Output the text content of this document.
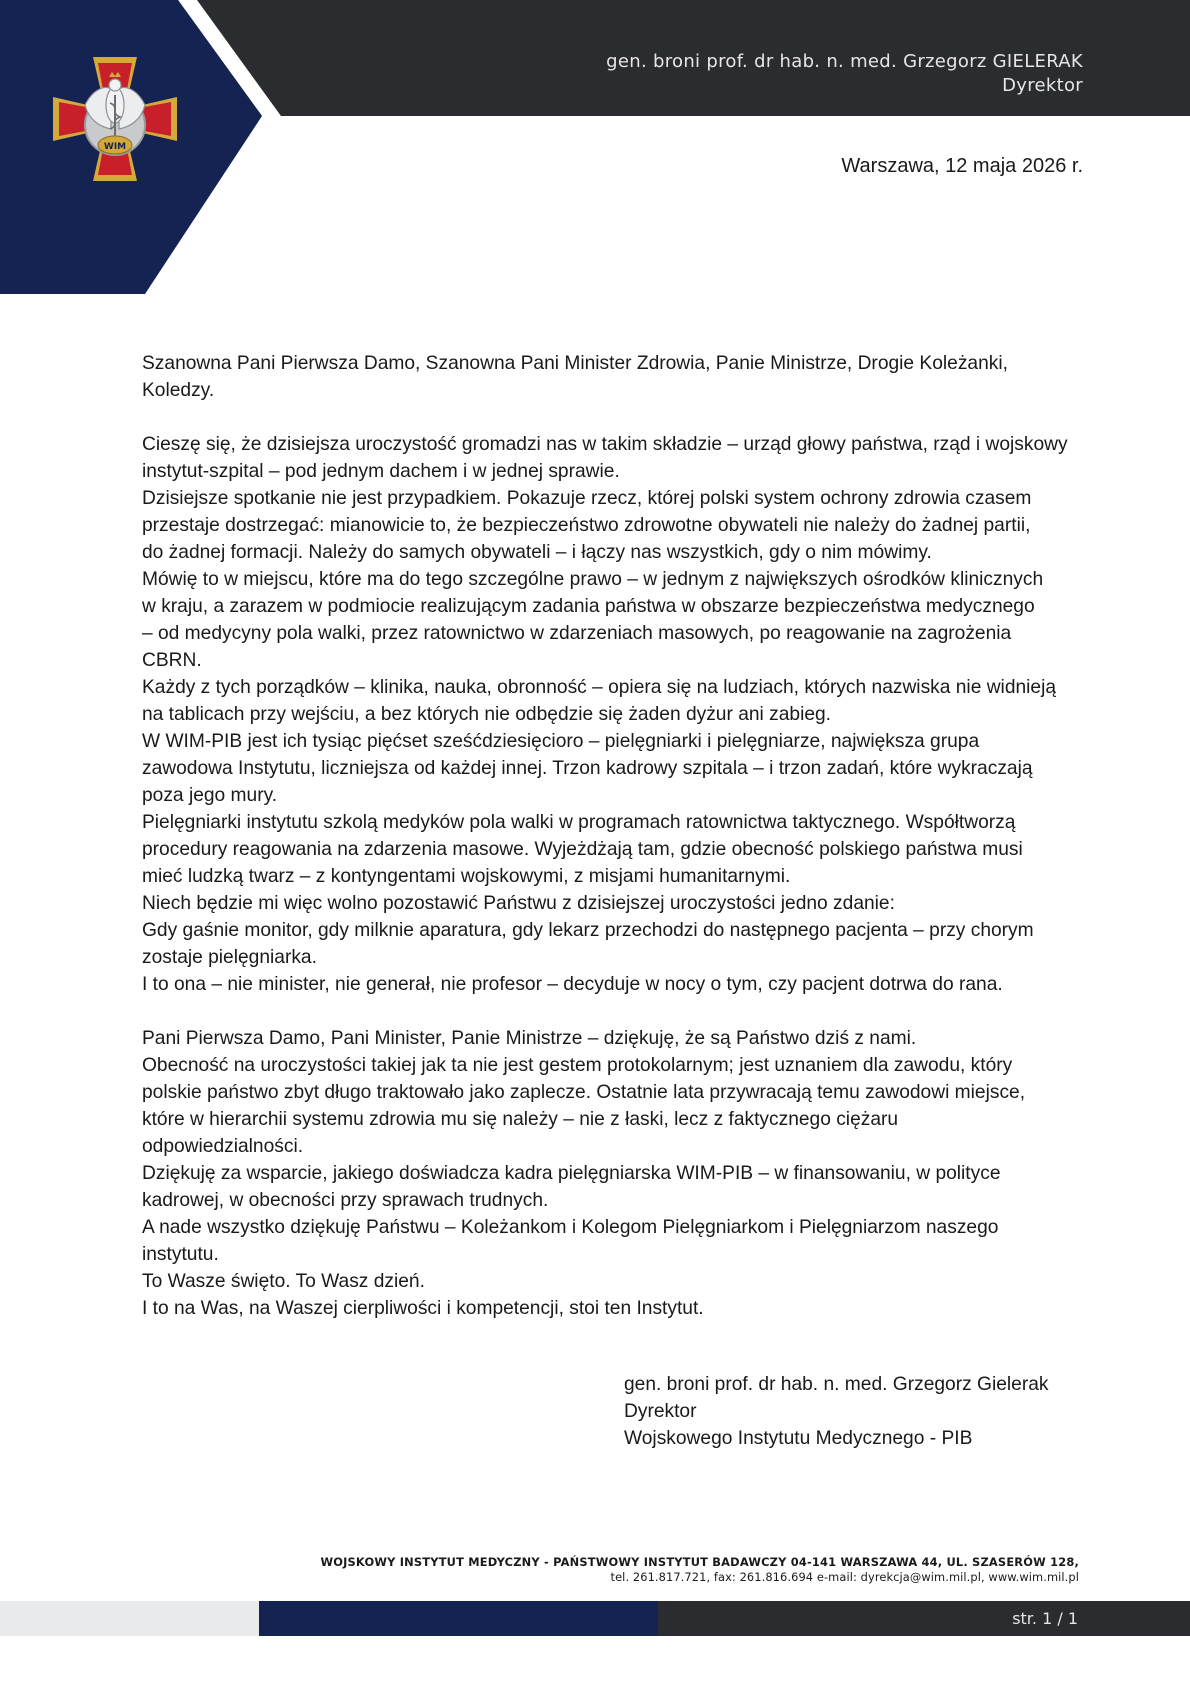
WIM
gen. broni prof. dr hab. n. med. Grzegorz GIELERAK
Dyrektor
Warszawa, 12 maja 2026 r.

Szanowna Pani Pierwsza Damo, Szanowna Pani Minister Zdrowia, Panie Ministrze, Drogie Koleżanki,

Koledzy.

Cieszę się, że dzisiejsza uroczystość gromadzi nas w takim składzie – urząd głowy państwa, rząd i wojskowy

instytut-szpital – pod jednym dachem i w jednej sprawie.

Dzisiejsze spotkanie nie jest przypadkiem. Pokazuje rzecz, której polski system ochrony zdrowia czasem

przestaje dostrzegać: mianowicie to, że bezpieczeństwo zdrowotne obywateli nie należy do żadnej partii,

do żadnej formacji. Należy do samych obywateli – i łączy nas wszystkich, gdy o nim mówimy.

Mówię to w miejscu, które ma do tego szczególne prawo – w jednym z największych ośrodków klinicznych

w kraju, a zarazem w podmiocie realizującym zadania państwa w obszarze bezpieczeństwa medycznego

– od medycyny pola walki, przez ratownictwo w zdarzeniach masowych, po reagowanie na zagrożenia

CBRN.

Każdy z tych porządków – klinika, nauka, obronność – opiera się na ludziach, których nazwiska nie widnieją

na tablicach przy wejściu, a bez których nie odbędzie się żaden dyżur ani zabieg.

W WIM-PIB jest ich tysiąc pięćset sześćdziesięcioro – pielęgniarki i pielęgniarze, największa grupa

zawodowa Instytutu, liczniejsza od każdej innej. Trzon kadrowy szpitala – i trzon zadań, które wykraczają

poza jego mury.

Pielęgniarki instytutu szkolą medyków pola walki w programach ratownictwa taktycznego. Współtworzą

procedury reagowania na zdarzenia masowe. Wyjeżdżają tam, gdzie obecność polskiego państwa musi

mieć ludzką twarz – z kontyngentami wojskowymi, z misjami humanitarnymi.

Niech będzie mi więc wolno pozostawić Państwu z dzisiejszej uroczystości jedno zdanie:

Gdy gaśnie monitor, gdy milknie aparatura, gdy lekarz przechodzi do następnego pacjenta – przy chorym

zostaje pielęgniarka.

I to ona – nie minister, nie generał, nie profesor – decyduje w nocy o tym, czy pacjent dotrwa do rana.

Pani Pierwsza Damo, Pani Minister, Panie Ministrze – dziękuję, że są Państwo dziś z nami.

Obecność na uroczystości takiej jak ta nie jest gestem protokolarnym; jest uznaniem dla zawodu, który

polskie państwo zbyt długo traktowało jako zaplecze. Ostatnie lata przywracają temu zawodowi miejsce,

które w hierarchii systemu zdrowia mu się należy – nie z łaski, lecz z faktycznego ciężaru

odpowiedzialności.

Dziękuję za wsparcie, jakiego doświadcza kadra pielęgniarska WIM-PIB – w finansowaniu, w polityce

kadrowej, w obecności przy sprawach trudnych.

A nade wszystko dziękuję Państwu – Koleżankom i Kolegom Pielęgniarkom i Pielęgniarzom naszego

instytutu.

To Wasze święto. To Wasz dzień.

I to na Was, na Waszej cierpliwości i kompetencji, stoi ten Instytut.

gen. broni prof. dr hab. n. med. Grzegorz Gielerak
Dyrektor
Wojskowego Instytutu Medycznego - PIB
WOJSKOWY INSTYTUT MEDYCZNY - PAŃSTWOWY INSTYTUT BADAWCZY 04-141 WARSZAWA 44, UL. SZASERÓW 128,
tel. 261.817.721, fax: 261.816.694 e-mail: dyrekcja@wim.mil.pl, www.wim.mil.pl
str. 1 / 1
